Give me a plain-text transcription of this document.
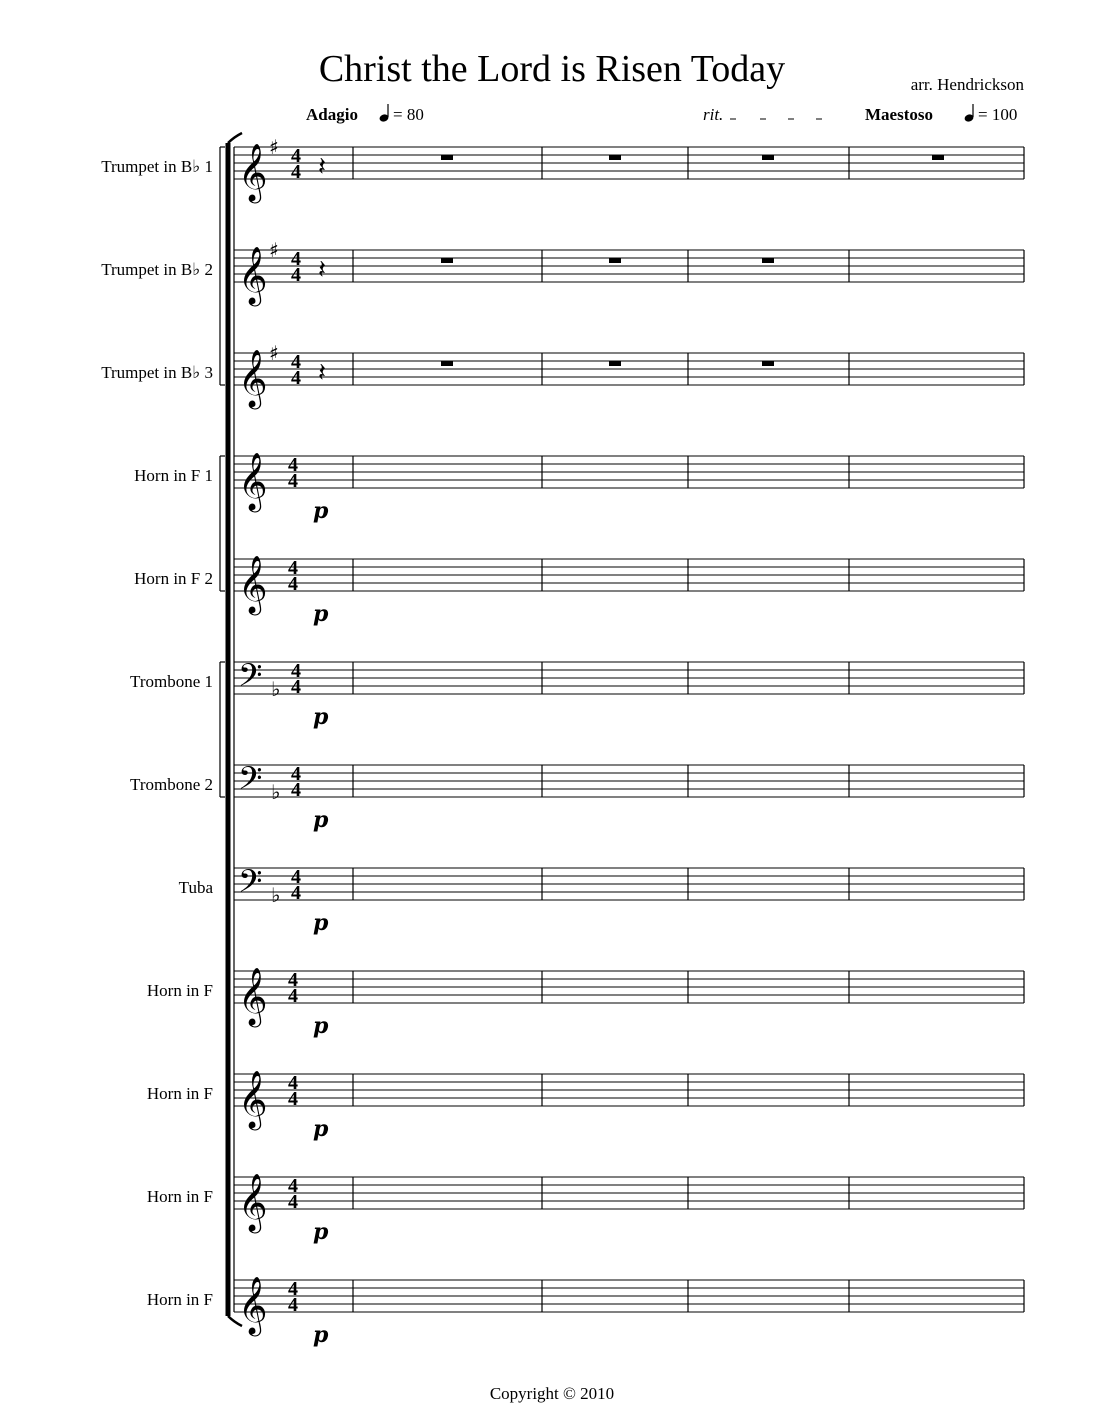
Christ the Lord is Risen Today	arr. Hendrickson
Adagio = 80	rit.	Maestoso	= 100
Trumpet in B♭ 1 𝄞 ♯ 4
4 𝄽
Trumpet in B♭ 2 𝄞 ♯ 4
4 𝄽
Trumpet in B♭ 3 𝄞 ♯ 4
4 𝄽
Horn in F 1 𝄞 4
4
p
Horn in F 2 𝄞 4
4
p
Trombone 1 𝄢 ♭
4
4
p
Trombone 2 𝄢 ♭
4
4
p
Tuba 𝄢 ♭
4
4
p
Horn in F 𝄞 4
4
p
Horn in F 𝄞 4
4
p
Horn in F 𝄞 4
4
p
Horn in F 𝄞 4
4
p
Copyright © 2010
